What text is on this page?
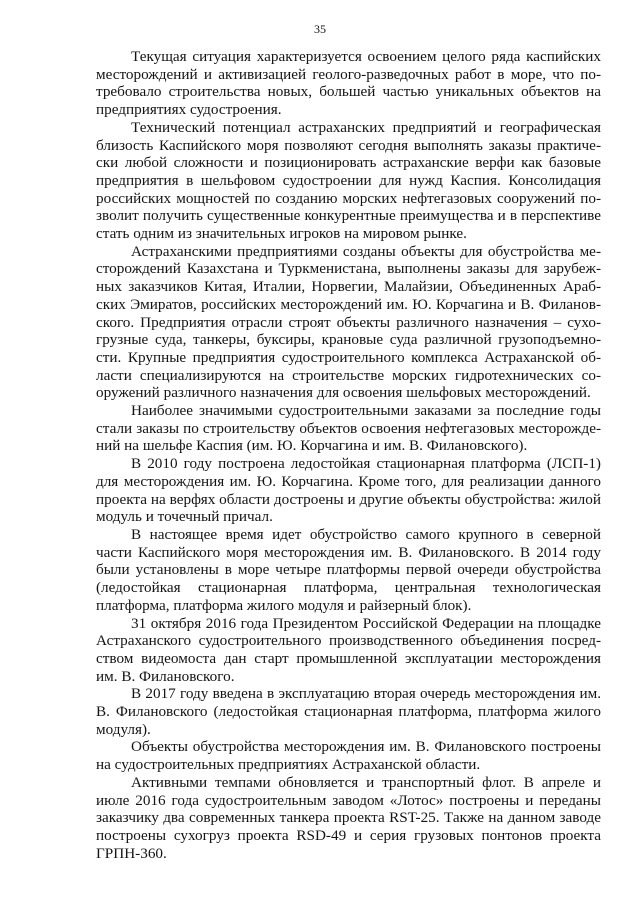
35

Текущая ситуация характеризуется освоением целого ряда каспийских месторождений и активизацией геолого-разведочных работ в море, что потребовало строительства новых, большей частью уникальных объектов на предприятиях судостроения.

Технический потенциал астраханских предприятий и географическая близость Каспийского моря позволяют сегодня выполнять заказы практически любой сложности и позиционировать астраханские верфи как базовые предприятия в шельфовом судостроении для нужд Каспия. Консолидация российских мощностей по созданию морских нефтегазовых сооружений позволит получить существенные конкурентные преимущества и в перспективе стать одним из значительных игроков на мировом рынке.

Астраханскими предприятиями созданы объекты для обустройства месторождений Казахстана и Туркменистана, выполнены заказы для зарубежных заказчиков Китая, Италии, Норвегии, Малайзии, Объединенных Арабских Эмиратов, российских месторождений им. Ю. Корчагина и В. Филановского. Предприятия отрасли строят объекты различного назначения – сухогрузные суда, танкеры, буксиры, крановые суда различной грузоподъемности. Крупные предприятия судостроительного комплекса Астраханской области специализируются на строительстве морских гидротехнических сооружений различного назначения для освоения шельфовых месторождений.

Наиболее значимыми судостроительными заказами за последние годы стали заказы по строительству объектов освоения нефтегазовых месторождений на шельфе Каспия (им. Ю. Корчагина и им. В. Филановского).

В 2010 году построена ледостойкая стационарная платформа (ЛСП-1) для месторождения им. Ю. Корчагина. Кроме того, для реализации данного проекта на верфях области достроены и другие объекты обустройства: жилой модуль и точечный причал.

В настоящее время идет обустройство самого крупного в северной части Каспийского моря месторождения им. В. Филановского. В 2014 году были установлены в море четыре платформы первой очереди обустройства (ледостойкая стационарная платформа, центральная технологическая платформа, платформа жилого модуля и райзерный блок).

31 октября 2016 года Президентом Российской Федерации на площадке Астраханского судостроительного производственного объединения посредством видеомоста дан старт промышленной эксплуатации месторождения им. В. Филановского.

В 2017 году введена в эксплуатацию вторая очередь месторождения им. В. Филановского (ледостойкая стационарная платформа, платформа жилого модуля).

Объекты обустройства месторождения им. В. Филановского построены на судостроительных предприятиях Астраханской области.

Активными темпами обновляется и транспортный флот. В апреле и июле 2016 года судостроительным заводом «Лотос» построены и переданы заказчику два современных танкера проекта RST-25. Также на данном заводе построены сухогруз проекта RSD-49 и серия грузовых понтонов проекта ГРПН-360.
